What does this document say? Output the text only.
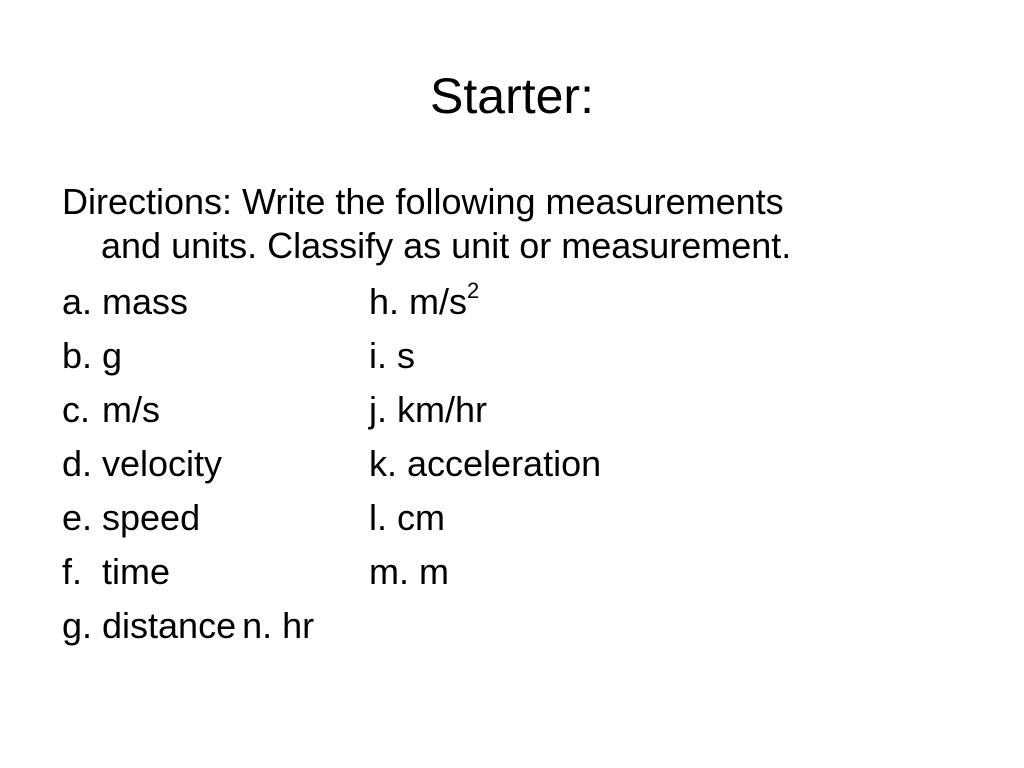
Starter:
Directions: Write the following measurements
and units. Classify as unit or measurement.
a. mass	h. $m/s^2$
b. g	i. s
c. m/s	j. km/hr
d. velocity	k. acceleration
e. speed	l. cm
f. time	m. m
g. distance n. hr
